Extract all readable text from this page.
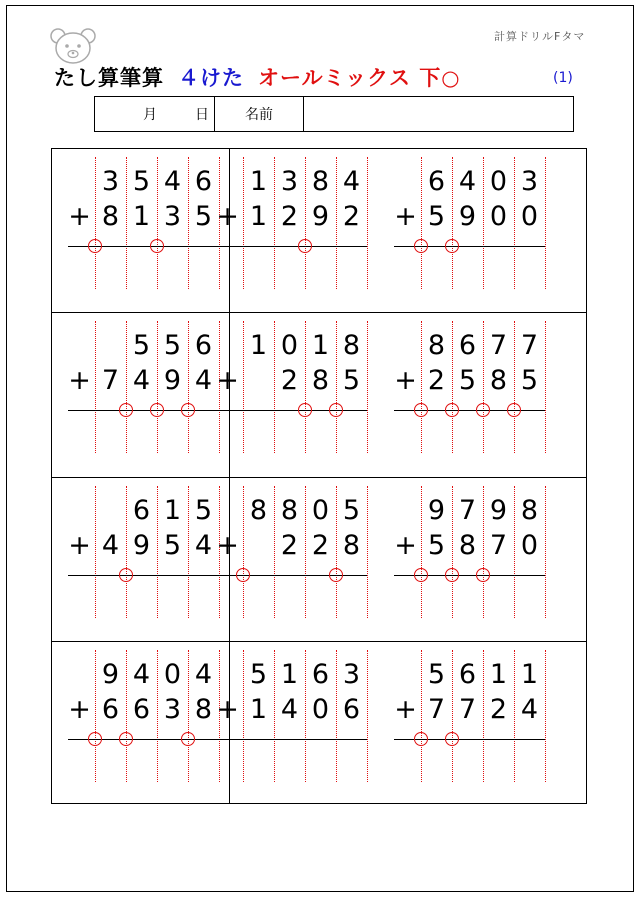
計算ドリルFタマ
たし算筆算 ４けた オールミックス 下○	(1)
月	日	名前
3 5 4 6
8 1 3 5
+
1 3 8 4
1 2 9 2
+
6 4 0 3
5 9 0 0
+
5 5 6
7 4 9 4
+
1 0 1 8
2 8 5
+
8 6 7 7
2 5 8 5
+
6 1 5
4 9 5 4
+
8 8 0 5
2 2 8
+
9 7 9 8
5 8 7 0
+
9 4 0 4
6 6 3 8
+
5 1 6 3
1 4 0 6
+
5 6 1 1
7 7 2 4
+
